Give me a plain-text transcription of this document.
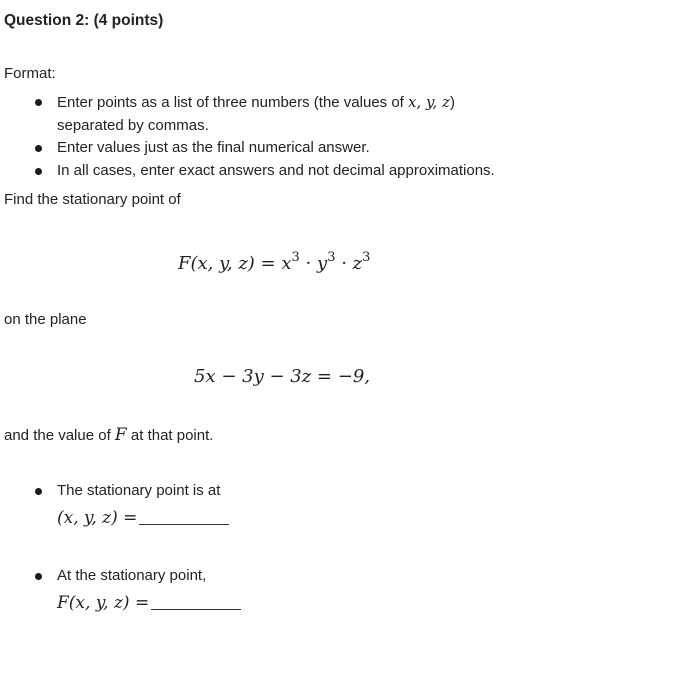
Question 2: (4 points)
Format:
Enter points as a list of three numbers (the values of x, y, z)
separated by commas.
Enter values just as the final numerical answer.
In all cases, enter exact answers and not decimal approximations.
Find the stationary point of
F(x, y, $z) = x^3 \cdot y^3 \cdot z^3$
on the plane
5x − 3y − 3z = −9,
and the value of F at that point.
The stationary point is at
(x, y, z) =
At the stationary point,
F(x, y, z) =
